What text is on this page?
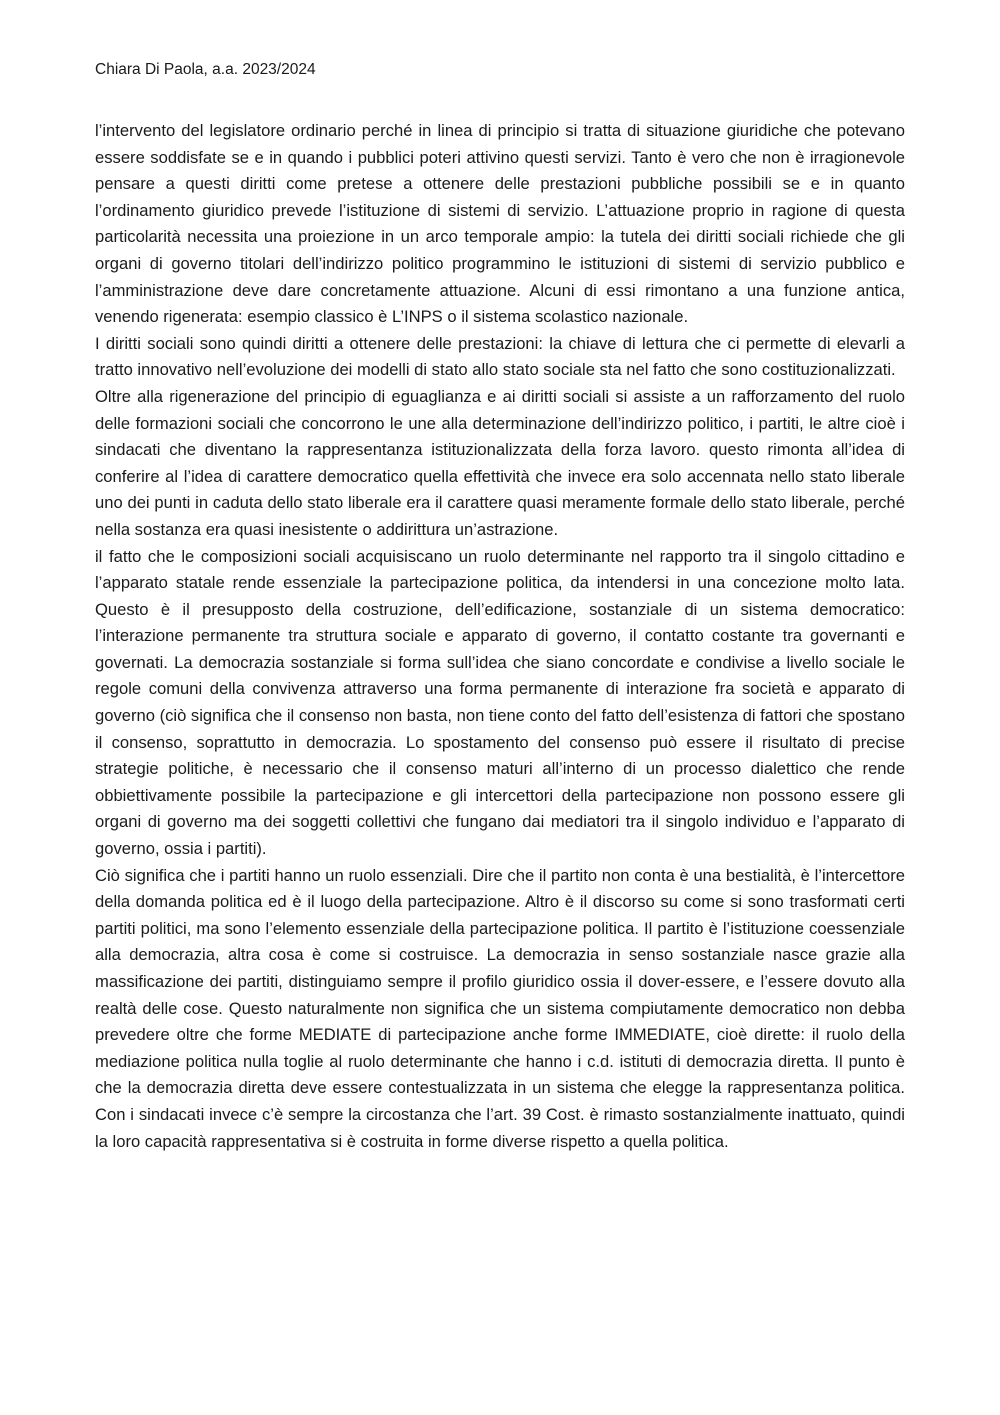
Chiara Di Paola, a.a. 2023/2024

l’intervento del legislatore ordinario perché in linea di principio si tratta di situazione giuridiche che potevano essere soddisfate se e in quando i pubblici poteri attivino questi servizi. Tanto è vero che non è irragionevole pensare a questi diritti come pretese a ottenere delle prestazioni pubbliche possibili se e in quanto l’ordinamento giuridico prevede l’istituzione di sistemi di servizio. L’attuazione proprio in ragione di questa particolarità necessita una proiezione in un arco temporale ampio: la tutela dei diritti sociali richiede che gli organi di governo titolari dell’indirizzo politico programmino le istituzioni di sistemi di servizio pubblico e l’amministrazione deve dare concretamente attuazione. Alcuni di essi rimontano a una funzione antica, venendo rigenerata: esempio classico è L’INPS o il sistema scolastico nazionale.

I diritti sociali sono quindi diritti a ottenere delle prestazioni: la chiave di lettura che ci permette di elevarli a tratto innovativo nell’evoluzione dei modelli di stato allo stato sociale sta nel fatto che sono costituzionalizzati.

Oltre alla rigenerazione del principio di eguaglianza e ai diritti sociali si assiste a un rafforzamento del ruolo delle formazioni sociali che concorrono le une alla determinazione dell’indirizzo politico, i partiti, le altre cioè i sindacati che diventano la rappresentanza istituzionalizzata della forza lavoro. questo rimonta all’idea di conferire al l’idea di carattere democratico quella effettività che invece era solo accennata nello stato liberale uno dei punti in caduta dello stato liberale era il carattere quasi meramente formale dello stato liberale, perché nella sostanza era quasi inesistente o addirittura un’astrazione.

il fatto che le composizioni sociali acquisiscano un ruolo determinante nel rapporto tra il singolo cittadino e l’apparato statale rende essenziale la partecipazione politica, da intendersi in una concezione molto lata. Questo è il presupposto della costruzione, dell’edificazione, sostanziale di un sistema democratico: l’interazione permanente tra struttura sociale e apparato di governo, il contatto costante tra governanti e governati. La democrazia sostanziale si forma sull’idea che siano concordate e condivise a livello sociale le regole comuni della convivenza attraverso una forma permanente di interazione fra società e apparato di governo (ciò significa che il consenso non basta, non tiene conto del fatto dell’esistenza di fattori che spostano il consenso, soprattutto in democrazia. Lo spostamento del consenso può essere il risultato di precise strategie politiche, è necessario che il consenso maturi all’interno di un processo dialettico che rende obbiettivamente possibile la partecipazione e gli intercettori della partecipazione non possono essere gli organi di governo ma dei soggetti collettivi che fungano dai mediatori tra il singolo individuo e l’apparato di governo, ossia i partiti).

Ciò significa che i partiti hanno un ruolo essenziali. Dire che il partito non conta è una bestialità, è l’intercettore della domanda politica ed è il luogo della partecipazione. Altro è il discorso su come si sono trasformati certi partiti politici, ma sono l’elemento essenziale della partecipazione politica. Il partito è l’istituzione coessenziale alla democrazia, altra cosa è come si costruisce. La democrazia in senso sostanziale nasce grazie alla massificazione dei partiti, distinguiamo sempre il profilo giuridico ossia il dover-essere, e l’essere dovuto alla realtà delle cose. Questo naturalmente non significa che un sistema compiutamente democratico non debba prevedere oltre che forme MEDIATE di partecipazione anche forme IMMEDIATE, cioè dirette: il ruolo della mediazione politica nulla toglie al ruolo determinante che hanno i c.d. istituti di democrazia diretta. Il punto è che la democrazia diretta deve essere contestualizzata in un sistema che elegge la rappresentanza politica. Con i sindacati invece c’è sempre la circostanza che l’art. 39 Cost. è rimasto sostanzialmente inattuato, quindi la loro capacità rappresentativa si è costruita in forme diverse rispetto a quella politica.
